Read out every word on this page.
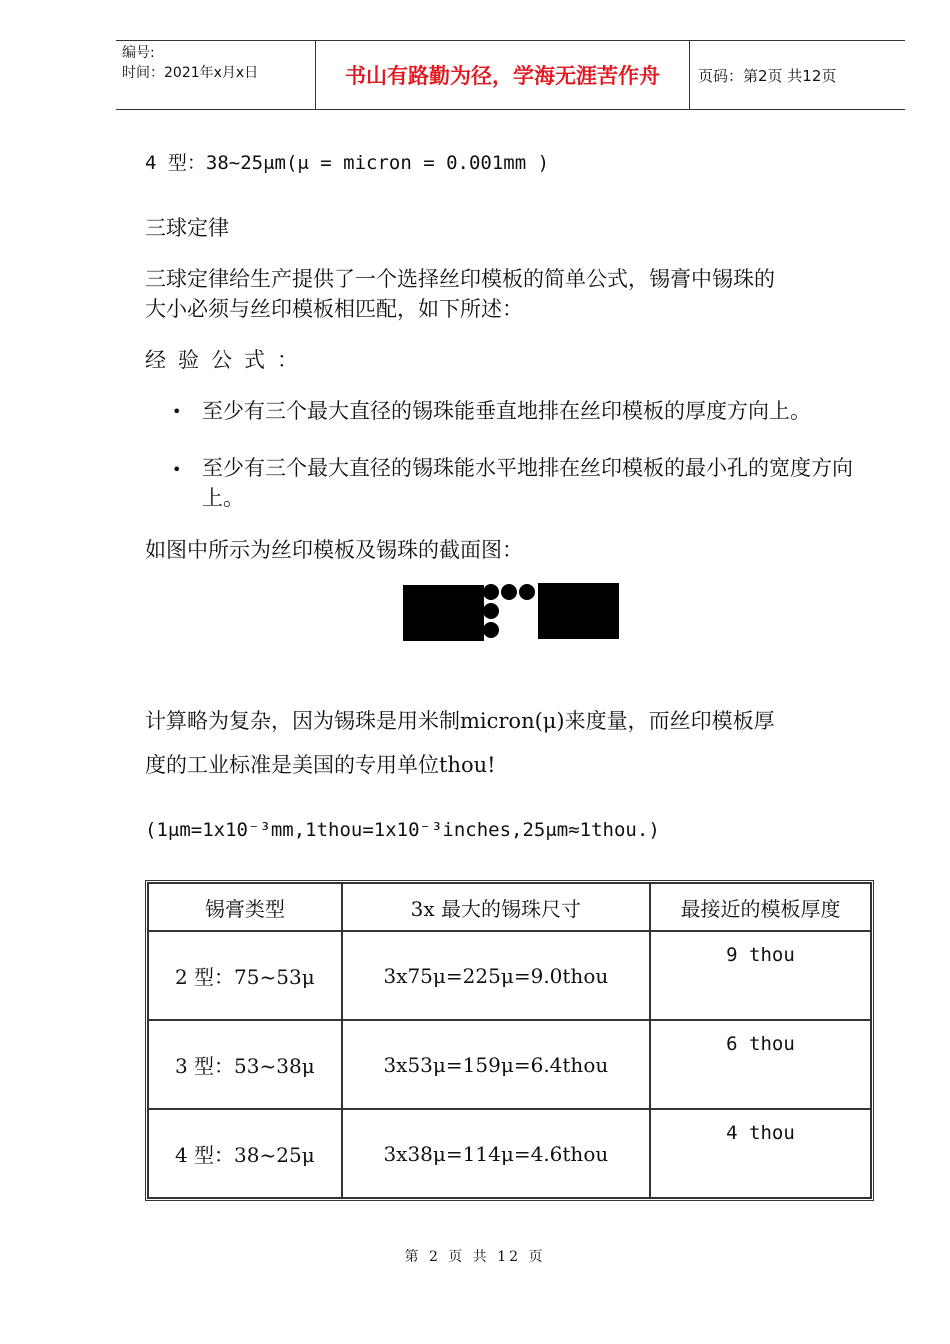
编号:
时间：2021年x月x日	书山有路勤为径，学海无涯苦作舟	页码：第2页 共12页
4 型：38~25μm(μ = micron = 0.001mm )
三球定律
三球定律给生产提供了一个选择丝印模板的简单公式，锡膏中锡珠的
大小必须与丝印模板相匹配，如下所述：
经验公式：
• 至少有三个最大直径的锡珠能垂直地排在丝印模板的厚度方向上。
• 至少有三个最大直径的锡珠能水平地排在丝印模板的最小孔的宽度方向上。
如图中所示为丝印模板及锡珠的截面图：
计算略为复杂，因为锡珠是用米制micron(μ)来度量，而丝印模板厚
度的工业标准是美国的专用单位thou!
(1μm=1x10⁻³mm,1thou=1x10⁻³inches,25μm≈1thou.)
锡膏类型	3x 最大的锡珠尺寸	最接近的模板厚度
2 型：75~53μ	3x75μ=225μ=9.0thou	9 thou
3 型：53~38μ	3x53μ=159μ=6.4thou	6 thou
4 型：38~25μ	3x38μ=114μ=4.6thou	4 thou
第 2 页 共 12 页
